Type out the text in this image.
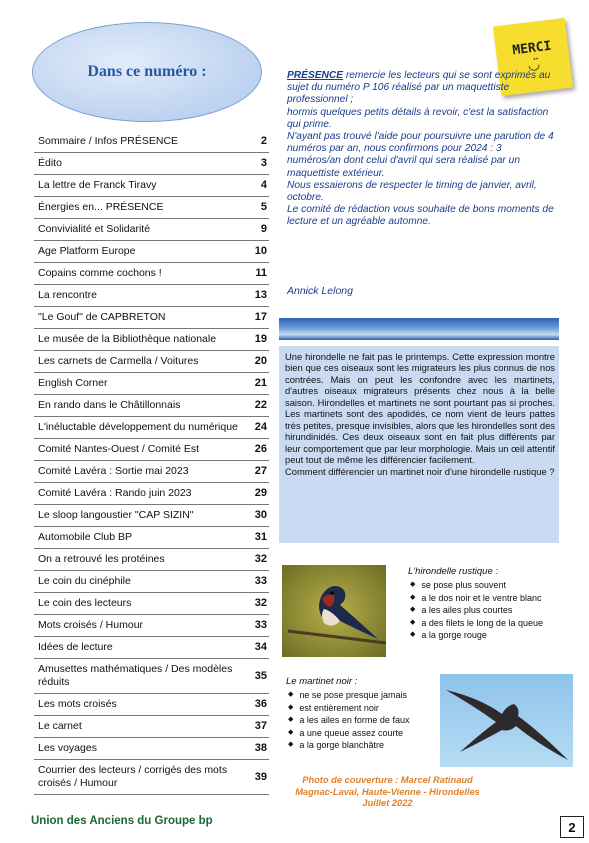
Dans ce numéro :
Sommaire / Infos PRÉSENCE	2
Édito	3
La lettre de Franck Tiravy	4
Énergies en... PRÉSENCE	5
Convivialité et Solidarité	9
Age Platform Europe	10
Copains comme cochons !	11
La rencontre	13
"Le Gouf" de CAPBRETON	17
Le musée de la Bibliothèque nationale	19
Les carnets de Carmella / Voitures	20
English Corner	21
En rando dans le Châtillonnais	22
L'inéluctable développement du numérique	24
Comité Nantes-Ouest / Comité Est	26
Comité Lavéra : Sortie mai 2023	27
Comité Lavéra : Rando juin 2023	29
Le sloop langoustier "CAP SIZIN"	30
Automobile Club BP	31
On a retrouvé les protéines	32
Le coin du cinéphile	33
Le coin des lecteurs	32
Mots croisés / Humour	33
Idées de lecture	34
Amusettes mathématiques / Des modèles réduits
35
Les mots croisés	36
Le carnet	37
Les voyages	38
Courrier des lecteurs / corrigés des mots croisés / Humour
39
MERCI
◡̈

PRÉSENCE remercie les lecteurs qui se sont exprimés au sujet du numéro P 106 réalisé par un maquettiste professionnel ;

hormis quelques petits détails à revoir, c'est la satisfaction qui prime.

N'ayant pas trouvé l'aide pour poursuivre une parution de 4 numéros par an, nous confirmons pour 2024 : 3 numéros/an dont celui d'avril qui sera réalisé par un maquettiste extérieur.

Nous essaierons de respecter le timing de janvier, avril, octobre.

Le comité de rédaction vous souhaite de bons moments de lecture et un agréable automne.

Annick Lelong

Une hirondelle ne fait pas le printemps. Cette expression montre bien que ces oiseaux sont les migrateurs les plus connus de nos contrées. Mais on peut les confondre avec les martinets, d'autres oiseaux migrateurs présents chez nous à la belle saison. Hirondelles et martinets ne sont pourtant pas si proches. Les martinets sont des apodidés, ce nom vient de leurs pattes très petites, presque invisibles, alors que les hirondelles sont des hirundinidés. Ces deux oiseaux sont en fait plus différents par leur comportement que par leur morphologie. Mais un œil attentif peut tout de même les différencier facilement.

Comment différencier un martinet noir d'une hirondelle rustique ?

L'hirondelle rustique :
◆ se pose plus souvent
◆ a le dos noir et le ventre blanc
◆ a les ailes plus courtes
◆ a des filets le long de la queue
◆ a la gorge rouge
Le martinet noir :
◆ ne se pose presque jamais
◆ est entièrement noir
◆ a les ailes en forme de faux
◆ a une queue assez courte
◆ a la gorge blanchâtre
Photo de couverture : Marcel Ratinaud
Magnac-Laval, Haute-Vienne - Hirondelles
Juillet 2022
Union des Anciens du Groupe bp	2
